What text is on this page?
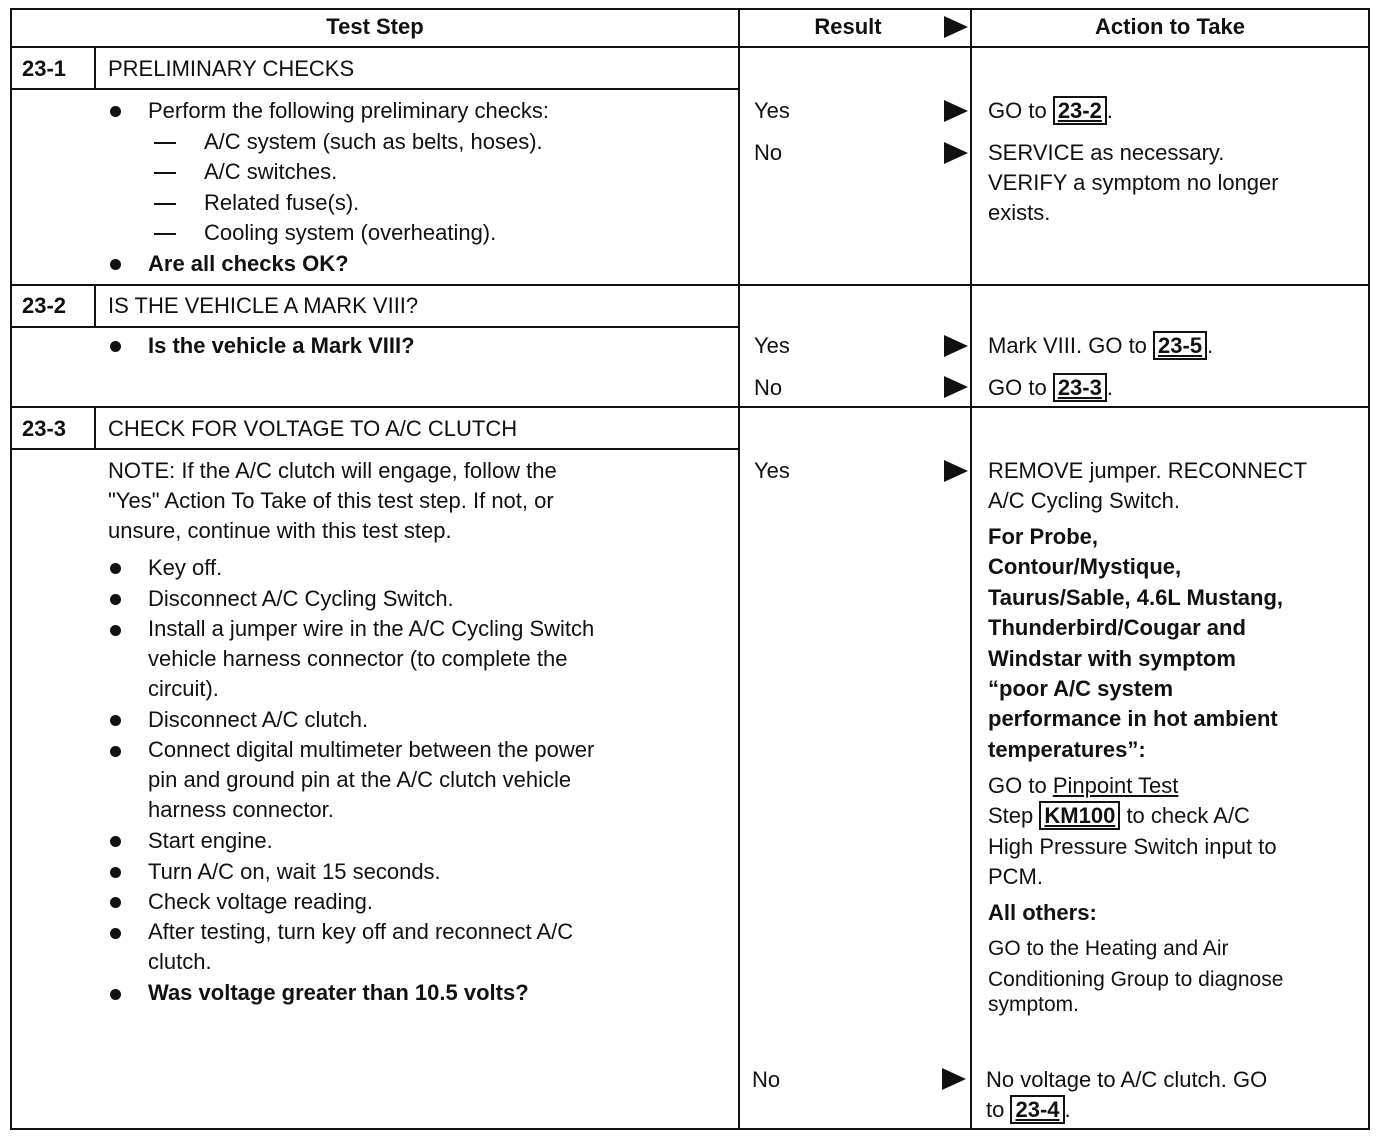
Test Step	Result	Action to Take
23-1 PRELIMINARY CHECKS
Perform the following preliminary checks:
A/C system (such as belts, hoses).
A/C switches.
Related fuse(s).
Cooling system (overheating).
Are all checks OK?
Yes	GO to 23-2 .
No	SERVICE as necessary.
VERIFY a symptom no longer
exists.
23-2 IS THE VEHICLE A MARK VIII?
Is the vehicle a Mark VIII?	Yes	Mark VIII. GO to 23-5 .
No	GO to 23-3 .
23-3 CHECK FOR VOLTAGE TO A/C CLUTCH
NOTE: If the A/C clutch will engage, follow the
"Yes" Action To Take of this test step. If not, or
unsure, continue with this test step.
Key off.
Disconnect A/C Cycling Switch.
Install a jumper wire in the A/C Cycling Switch
vehicle harness connector (to complete the
circuit).
Disconnect A/C clutch.
Connect digital multimeter between the power
pin and ground pin at the A/C clutch vehicle
harness connector.
Start engine.
Turn A/C on, wait 15 seconds.
Check voltage reading.
After testing, turn key off and reconnect A/C
clutch.
Was voltage greater than 10.5 volts?
Yes	REMOVE jumper. RECONNECT
A/C Cycling Switch.
For Probe,
Contour/Mystique,
Taurus/Sable, 4.6L Mustang,
Thunderbird/Cougar and
Windstar with symptom
“poor A/C system
performance in hot ambient
temperatures”:
GO to Pinpoint Test
Step KM100 to check A/C
High Pressure Switch input to
PCM.
All others:
GO to the Heating and Air
Conditioning Group to diagnose
symptom.
No	No voltage to A/C clutch. GO
to 23-4 .
